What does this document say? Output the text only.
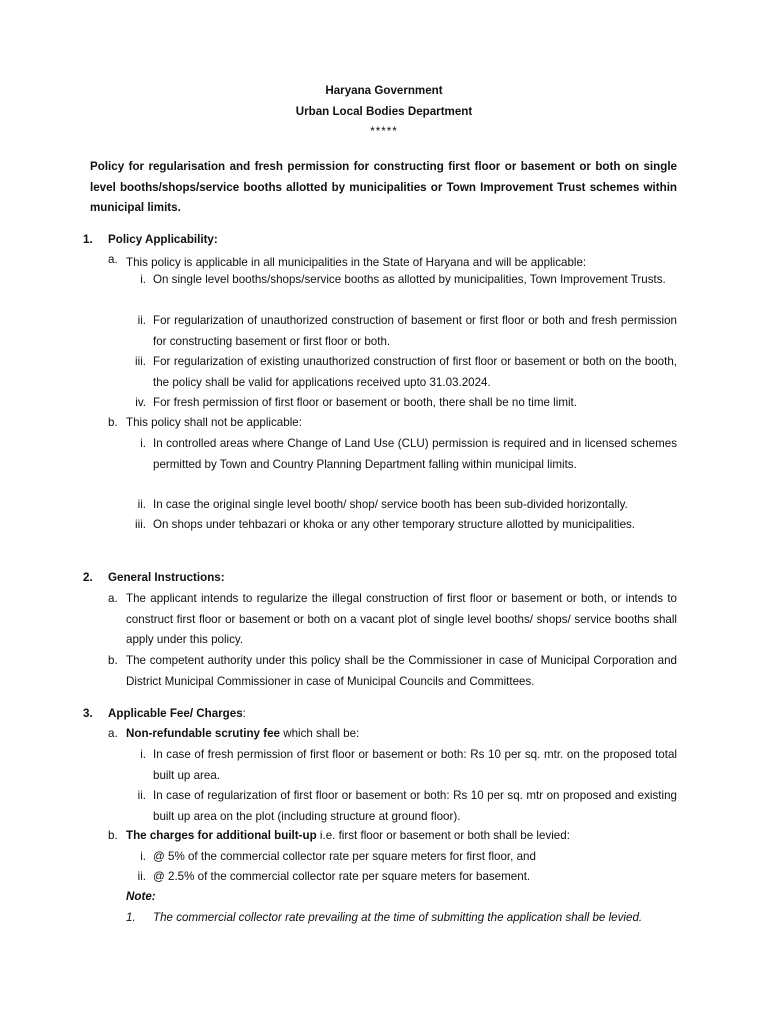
Haryana Government
Urban Local Bodies Department
*****
Policy for regularisation and fresh permission for constructing first floor or basement or both on single level booths/shops/service booths allotted by municipalities or Town Improvement Trust schemes within municipal limits.
1. Policy Applicability:
a. This policy is applicable in all municipalities in the State of Haryana and will be applicable:
i. On single level booths/shops/service booths as allotted by municipalities, Town Improvement Trusts.
ii. For regularization of unauthorized construction of basement or first floor or both and fresh permission for constructing basement or first floor or both.
iii. For regularization of existing unauthorized construction of first floor or basement or both on the booth, the policy shall be valid for applications received upto 31.03.2024.
iv. For fresh permission of first floor or basement or booth, there shall be no time limit.
b. This policy shall not be applicable:
i. In controlled areas where Change of Land Use (CLU) permission is required and in licensed schemes permitted by Town and Country Planning Department falling within municipal limits.
ii. In case the original single level booth/ shop/ service booth has been sub-divided horizontally.
iii. On shops under tehbazari or khoka or any other temporary structure allotted by municipalities.
2. General Instructions:
a. The applicant intends to regularize the illegal construction of first floor or basement or both, or intends to construct first floor or basement or both on a vacant plot of single level booths/ shops/ service booths shall apply under this policy.
b. The competent authority under this policy shall be the Commissioner in case of Municipal Corporation and District Municipal Commissioner in case of Municipal Councils and Committees.
3. Applicable Fee/ Charges:
a. Non-refundable scrutiny fee which shall be:
i. In case of fresh permission of first floor or basement or both: Rs 10 per sq. mtr. on the proposed total built up area.
ii. In case of regularization of first floor or basement or both: Rs 10 per sq. mtr on proposed and existing built up area on the plot (including structure at ground floor).
b. The charges for additional built-up i.e. first floor or basement or both shall be levied:
i. @ 5% of the commercial collector rate per square meters for first floor, and
ii. @ 2.5% of the commercial collector rate per square meters for basement.
Note:
1. The commercial collector rate prevailing at the time of submitting the application shall be levied.
